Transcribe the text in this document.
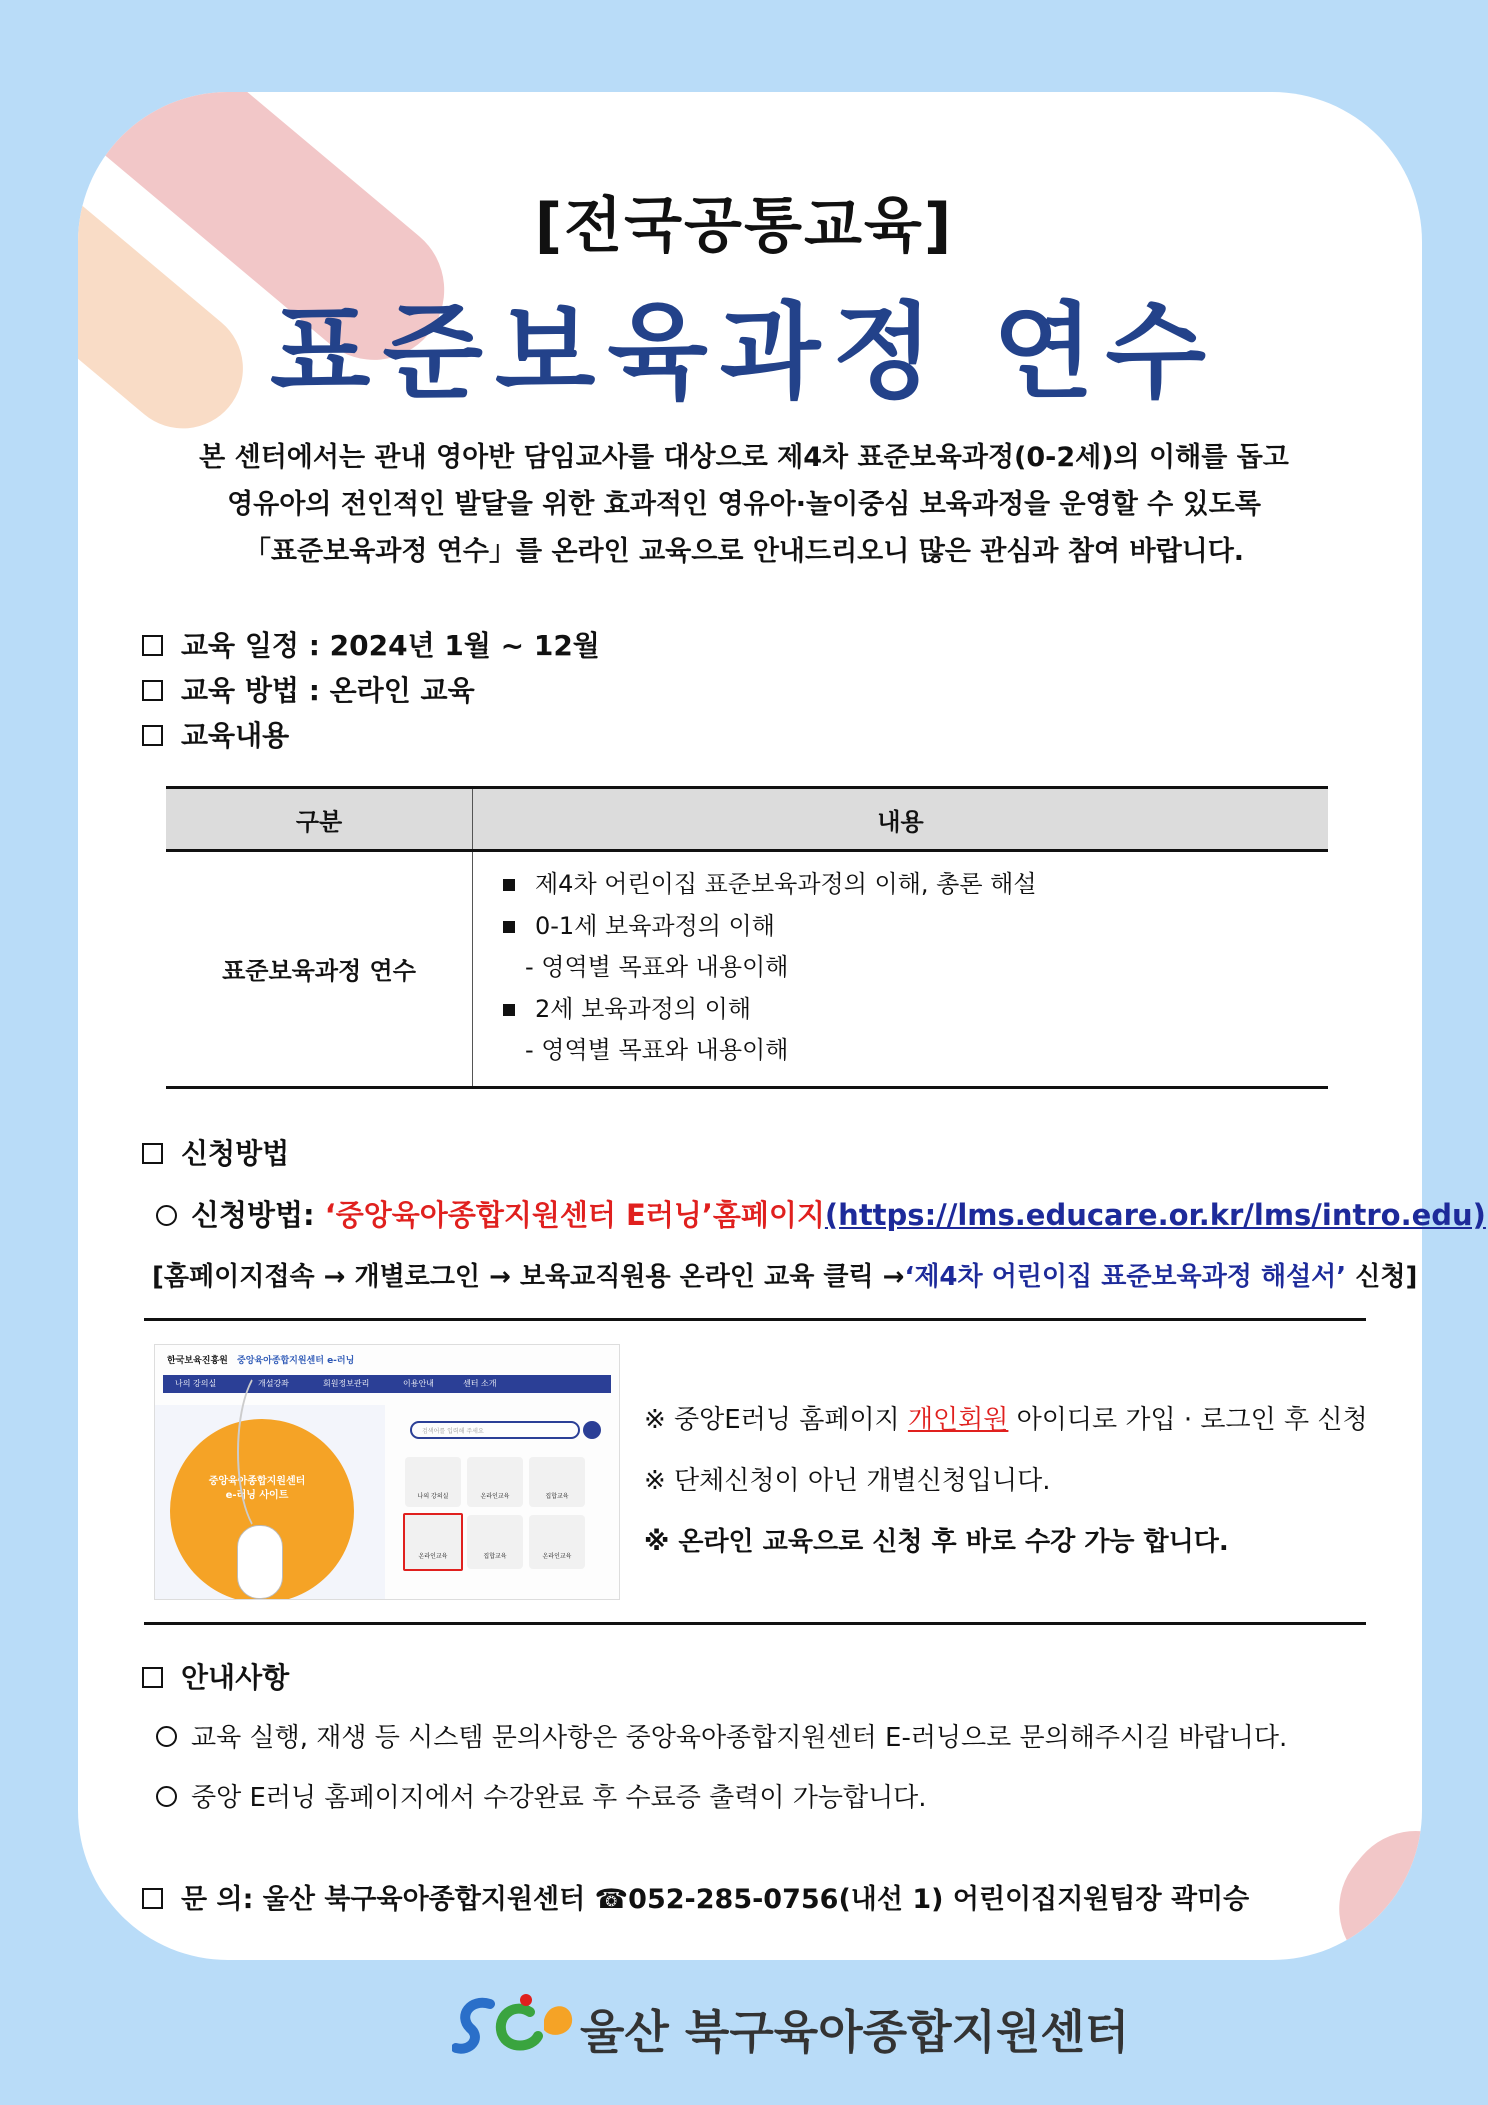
[전국공통교육]
표준보육과정 연수
본 센터에서는 관내 영아반 담임교사를 대상으로 제4차 표준보육과정(0-2세)의 이해를 돕고
영유아의 전인적인 발달을 위한 효과적인 영유아·놀이중심 보육과정을 운영할 수 있도록
「표준보육과정 연수」를 온라인 교육으로 안내드리오니 많은 관심과 참여 바랍니다.
교육 일정 : 2024년 1월 ~ 12월
교육 방법 : 온라인 교육
교육내용
구분	내용
표준보육과정 연수	제4차 어린이집 표준보육과정의 이해, 총론 해설
0-1세 보육과정의 이해
- 영역별 목표와 내용이해
2세 보육과정의 이해
- 영역별 목표와 내용이해
신청방법
신청방법: ‘중앙육아종합지원센터 E러닝’홈페이지(https://lms.educare.or.kr/lms/intro.edu)
[홈페이지접속 → 개별로그인 → 보육교직원용 온라인 교육 클릭 →‘제4차 어린이집 표준보육과정 해설서’ 신청]
한국보육진흥원 중앙육아종합지원센터 e-러닝
나의 강의실	개설강좌	회원정보관리	이용안내	센터 소개
중앙육아종합지원센터
e-러닝 사이트
검색어를 입력해 주세요
나의 강의실	온라인교육	집합교육
온라인교육	집합교육	온라인교육
※ 중앙E러닝 홈페이지 개인회원 아이디로 가입 · 로그인 후 신청
※ 단체신청이 아닌 개별신청입니다.
※ 온라인 교육으로 신청 후 바로 수강 가능 합니다.
안내사항
교육 실행, 재생 등 시스템 문의사항은 중앙육아종합지원센터 E-러닝으로 문의해주시길 바랍니다.
중앙 E러닝 홈페이지에서 수강완료 후 수료증 출력이 가능합니다.
문 의: 울산 북구육아종합지원센터 ☎052-285-0756(내선 1) 어린이집지원팀장 곽미승
울산 북구육아종합지원센터
